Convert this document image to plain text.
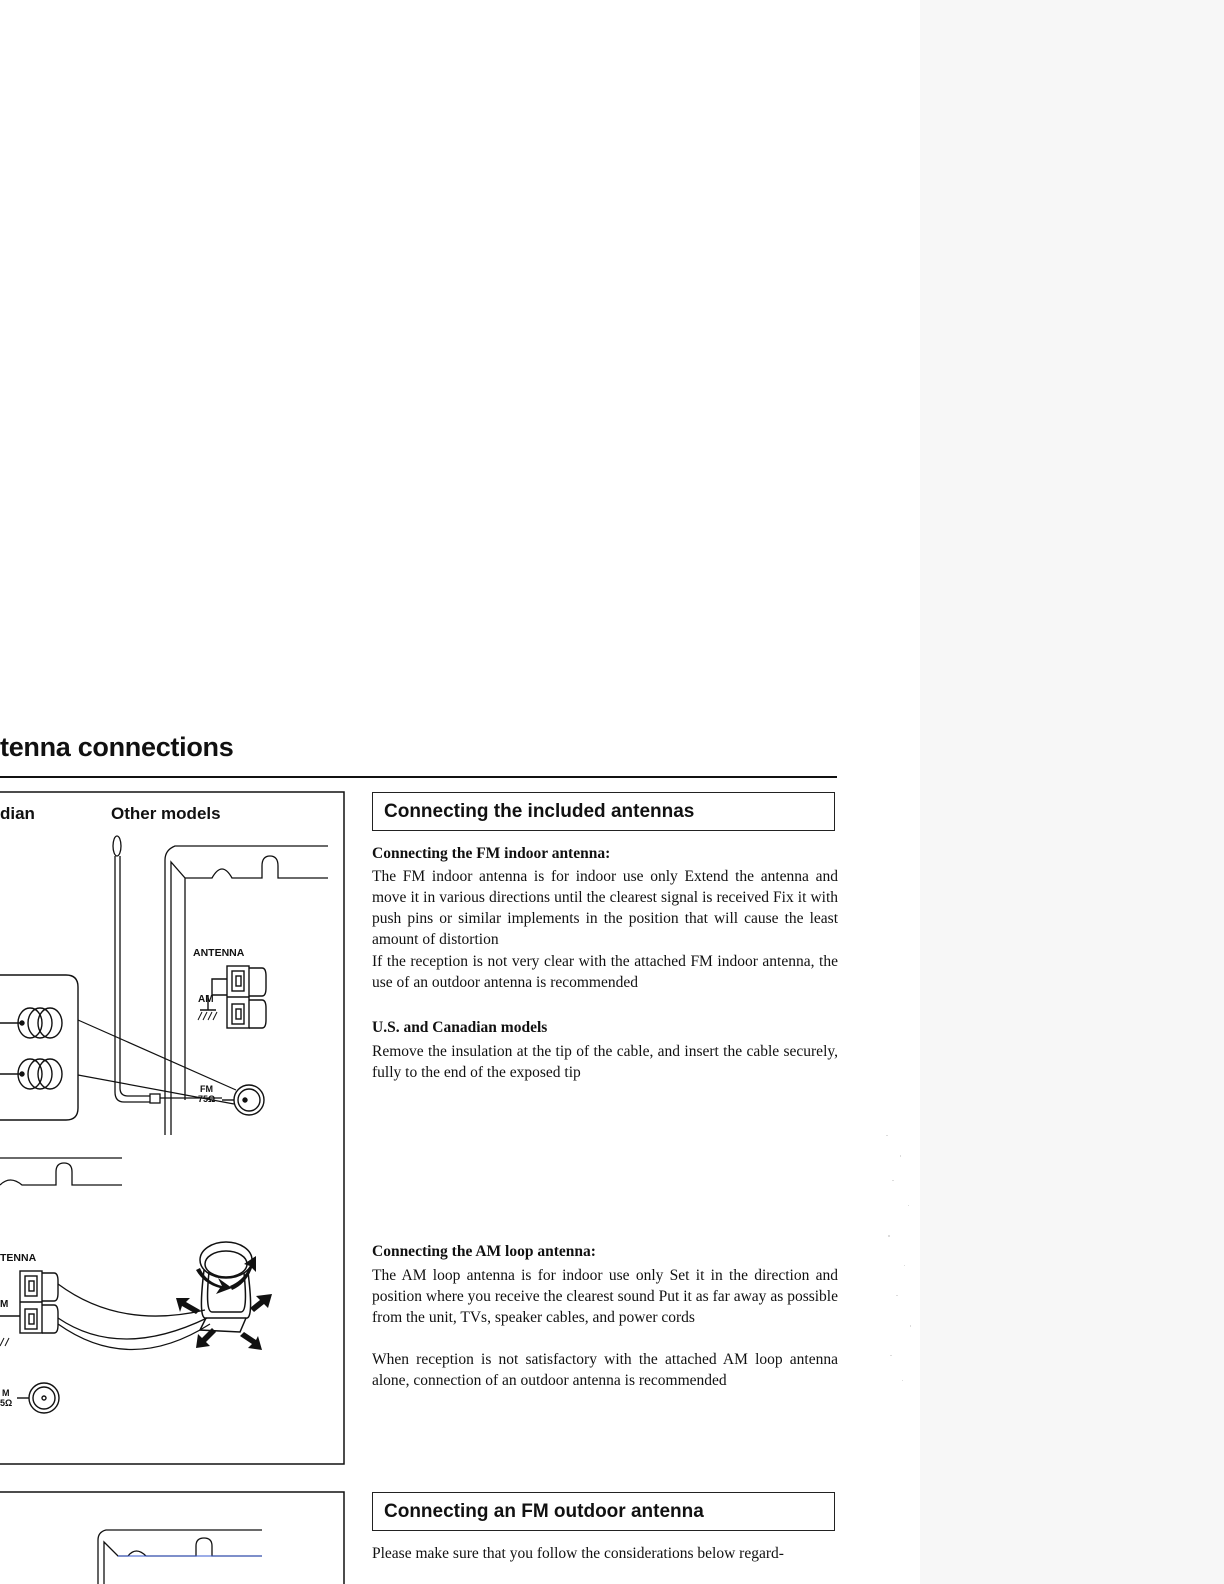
tenna connections
dian	Other models
ANTENNA
AM
FM
75Ω
TENNA
M
M
5Ω
Connecting the included antennas

Connecting the FM indoor antenna:

The FM indoor antenna is for indoor use only Extend the antenna and move it in various directions until the clearest signal is received Fix it with push pins or similar implements in the position that will cause the least amount of distortion

If the reception is not very clear with the attached FM indoor antenna, the use of an outdoor antenna is recommended

U.S. and Canadian models

Remove the insulation at the tip of the cable, and insert the cable securely, fully to the end of the exposed tip

Connecting the AM loop antenna:

The AM loop antenna is for indoor use only Set it in the direction and position where you receive the clearest sound Put it as far away as possible from the unit, TVs, speaker cables, and power cords

When reception is not satisfactory with the attached AM loop antenna alone, connection of an outdoor antenna is recommended

Connecting an FM outdoor antenna

Please make sure that you follow the considerations below regard-
